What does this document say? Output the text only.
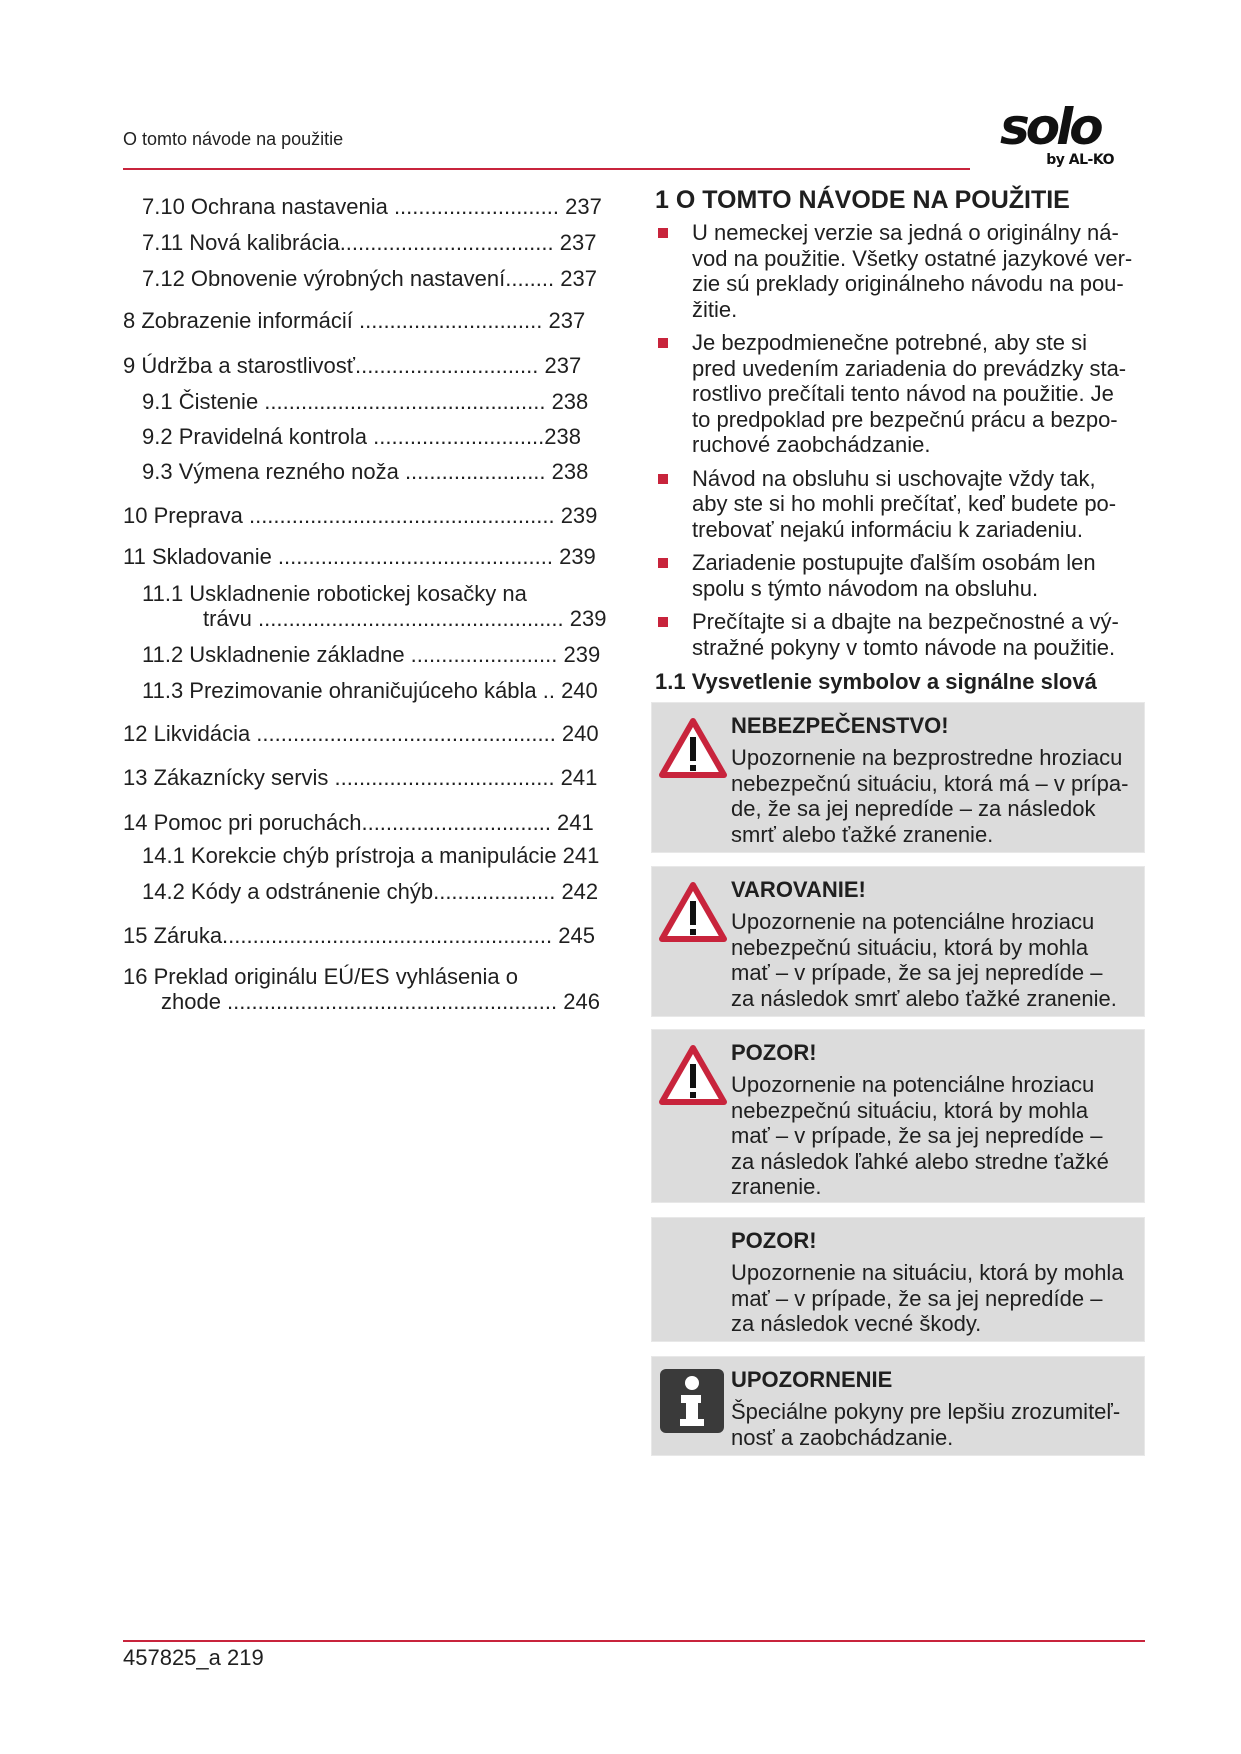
O tomto návode na použitie	solo
by AL-KO
7.10 Ochrana nastavenia ........................... 237
7.11 Nová kalibrácia................................... 237
7.12 Obnovenie výrobných nastavení........ 237
8 Zobrazenie informácií .............................. 237
9 Údržba a starostlivosť.............................. 237
9.1 Čistenie .............................................. 238
9.2 Pravidelná kontrola ............................238
9.3 Výmena rezného noža ....................... 238
10 Preprava .................................................. 239
11 Skladovanie ............................................. 239
11.1 Uskladnenie robotickej kosačky na
trávu .................................................. 239
11.2 Uskladnenie základne ........................ 239
11.3 Prezimovanie ohraničujúceho kábla .. 240
12 Likvidácia ................................................. 240
13 Zákaznícky servis .................................... 241
14 Pomoc pri poruchách............................... 241
14.1 Korekcie chýb prístroja a manipulácie 241
14.2 Kódy a odstránenie chýb.................... 242
15 Záruka...................................................... 245
16 Preklad originálu EÚ/ES vyhlásenia o
zhode ...................................................... 246
1 O TOMTO NÁVODE NA POUŽITIE
U nemeckej verzie sa jedná o originálny ná-
vod na použitie. Všetky ostatné jazykové ver-
zie sú preklady originálneho návodu na pou-
žitie.
Je bezpodmienečne potrebné, aby ste si
pred uvedením zariadenia do prevádzky sta-
rostlivo prečítali tento návod na použitie. Je
to predpoklad pre bezpečnú prácu a bezpo-
ruchové zaobchádzanie.
Návod na obsluhu si uschovajte vždy tak,
aby ste si ho mohli prečítať, keď budete po-
trebovať nejakú informáciu k zariadeniu.
Zariadenie postupujte ďalším osobám len
spolu s týmto návodom na obsluhu.
Prečítajte si a dbajte na bezpečnostné a vý-
stražné pokyny v tomto návode na použitie.
1.1 Vysvetlenie symbolov a signálne slová
NEBEZPEČENSTVO!
Upozornenie na bezprostredne hroziacu
nebezpečnú situáciu, ktorá má – v prípa-
de, že sa jej nepredíde – za následok
smrť alebo ťažké zranenie.
VAROVANIE!
Upozornenie na potenciálne hroziacu
nebezpečnú situáciu, ktorá by mohla
mať – v prípade, že sa jej nepredíde –
za následok smrť alebo ťažké zranenie.
POZOR!
Upozornenie na potenciálne hroziacu
nebezpečnú situáciu, ktorá by mohla
mať – v prípade, že sa jej nepredíde –
za následok ľahké alebo stredne ťažké
zranenie.
POZOR!
Upozornenie na situáciu, ktorá by mohla
mať – v prípade, že sa jej nepredíde –
za následok vecné škody.
UPOZORNENIE
Špeciálne pokyny pre lepšiu zrozumiteľ-
nosť a zaobchádzanie.
457825_a 219
